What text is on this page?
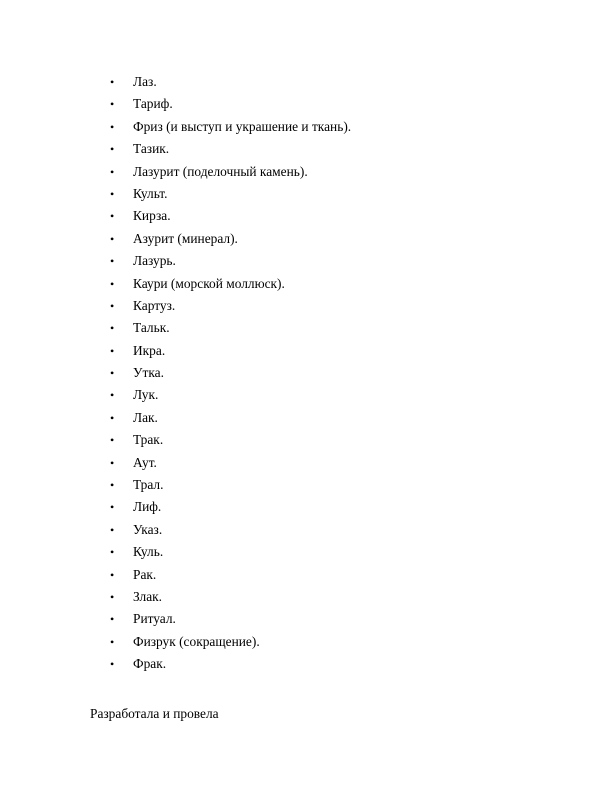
• Лаз.
• Тариф.
• Фриз (и выступ и украшение и ткань).
• Тазик.
• Лазурит (поделочный камень).
• Культ.
• Кирза.
• Азурит (минерал).
• Лазурь.
• Каури (морской моллюск).
• Картуз.
• Тальк.
• Икра.
• Утка.
• Лук.
• Лак.
• Трак.
• Аут.
• Трал.
• Лиф.
• Указ.
• Куль.
• Рак.
• Злак.
• Ритуал.
• Физрук (сокращение).
• Фрак.
Разработала и провела
